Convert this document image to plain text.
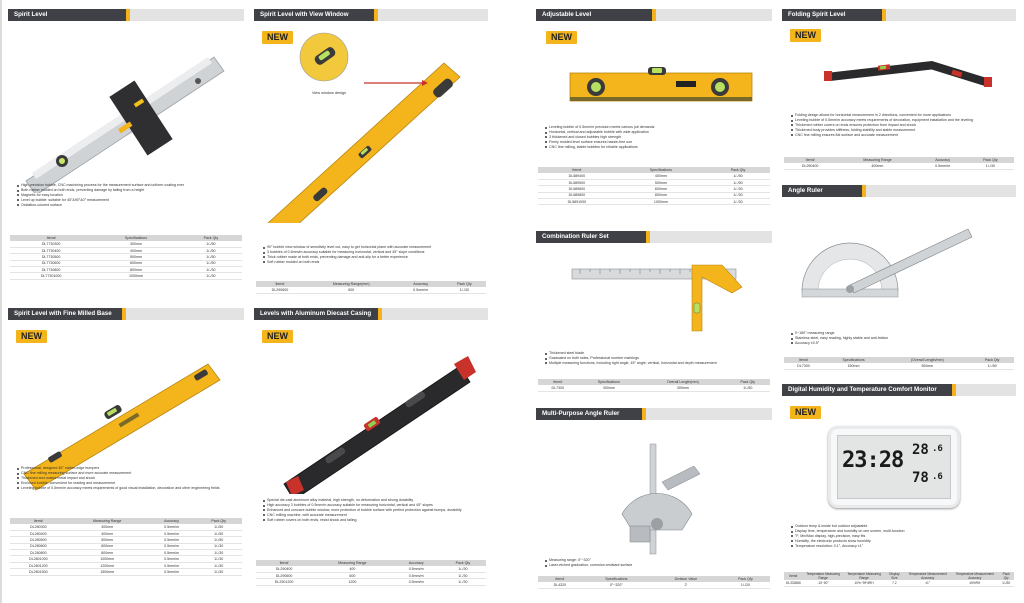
Spirit Level
High-precision bubble, CNC machining process for the measurement surface and uniform coating ever
Both rubber molded on both ends, preventing damage by falling from a height
Magnetic for easy location
Level up bubble: suitable for 45°&90°&0° measurement
Oxidation-colored surface
Item#	Specifications	Pack Qty
DL7730300	300mm	1/-/50
DL7730400	400mm	1/-/50
DL7730500	500mm	1/-/50
DL7730600	600mm	1/-/50
DL7730800	800mm	1/-/30
DL77301000	1000mm	1/-/30
Spirit Level with View Window
NEW
View window design
90° bubble view window of sensitivity level cut, easy to get horizontal plane with accurate measurement
3 bubbles of 0.5mm/m accuracy suitable for measuring horizontal, vertical and 45° slope conditions
Thick rubber made at both ends, preventing damage and anti-slip for a better experience
Soft rubber molded on both ends
Item#	Measuring Range(mm)	Accuracy	Pack Qty
DL290600	600	0.5mm/m	1/-/30
Spirit Level with Fine Milled Base
NEW
Professional, designed 45° rubber-edge bumpers
CNC fine milling measuring surface and more accurate measurement
Thickened and coated metal impact and shock
Enclosed bubble, convenient for reading and measurement
Leveling bubble of 0.5mm/m accuracy meets requirements of good visual installation, decoration and other engineering fields
Item#	Measuring Range	Accuracy	Pack Qty
DL280300	300mm	0.5mm/m	1/-/50
DL280400	400mm	0.5mm/m	1/-/50
DL280500	500mm	0.5mm/m	1/-/50
DL280600	600mm	0.5mm/m	1/-/30
DL280800	800mm	0.5mm/m	1/-/30
DL2801000	1000mm	0.5mm/m	1/-/30
DL2801200	1200mm	0.5mm/m	1/-/30
DL2801500	1500mm	0.5mm/m	1/-/30
Levels with Aluminum Diecast Casing
NEW
Special die-cast aluminum alloy material, high strength, no deformation and strong durability
High accuracy 3 bubbles of 0.5mm/m accuracy suitable for measuring horizontal, vertical and 45° slopes
Enhanced and concave bubble window, more protection of bubble surface with perfect protection against bumps, durability
CNC milling machine, with accurate measurement
Soft rubber covers on both ends, resist shock and falling
Item#	Measuring Range	Accuracy	Pack Qty
DL290400	400	0.5mm/m	1/-/30
DL290600	600	0.5mm/m	1/-/30
DL2901200	1200	0.5mm/m	1/-/30
Adjustable Level
NEW
Leveling bubble of 0.5mm/m precision meets various job demands
Horizontal, vertical and adjustable bubble with wide application
3 thickened and closed bubbles high strength
Firmly molded level surface ensures hassle-free use
CNC fine milling, stable bubbles for reliable applications
Item#	Specifications	Pack Qty
DL589400	400mm	1/-/50
DL589500	500mm	1/-/50
DL589600	600mm	1/-/30
DL589800	800mm	1/-/30
DL5891000	1000mm	1/-/30
Combination Ruler Set
Thickened steel blade
Graduated on both sides, Professional number markings
Multiple measuring functions, including right angle, 45° angle, vertical, horizontal and depth measurement
Item#	Specifications	Overall Length(mm)	Pack Qty
DL7300	300mm	300mm	1/-/50
Multi-Purpose Angle Ruler
Measuring range: 0°~320°
Laser-etched graduation, corrosion-resistant surface
Item#	Specifications	Division Value	Pack Qty
DL4320	0°~320°	2'	1/-/20
Folding Spirit Level
NEW
Folding design allows for horizontal measurement in 2 directions, convenient for more applications
Leveling bubble of 0.5mm/m accuracy meets requirements of decoration, equipment installation and the leveling
Thickened rubber covers on ends ensures protection from impact and shock
Thickened body provides stiffness, folding stability and stable measurement
CNC fine milling ensures flat surface and accurate measurement
Item#	Measuring Range	Accuracy	Pack Qty
DL290400	400mm	0.5mm/m	1/-/30
Angle Ruler
0~180° measuring range
Stainless steel, easy reading, highly stable and anti-friction
Accuracy ±0.5°
Item#	Specifications	(Overall Length/mm)	Pack Qty
DL7300	150mm	300mm	1/-/50
Digital Humidity and Temperature Comfort Monitor
NEW
23:28 28 .6
78 .6
Outdoor temp & inside but outdoor adjustable
Display time, temperature and humidity on one screen, multi-function
°F, Min/Max display, high-precision, easy fits
Humidity, the electronic products show humidity
Temperature resolution: 0.1°, Accuracy ±1°
Item#	Temperature Measuring Range	Temperature Measuring Range	Display Size	Temperature Measurement Accuracy	Temperature Measurement Accuracy	Pack Qty
DL332886	-10~50°	10%~99%RH	7.2	±1°	±5%RH	1/-/50
